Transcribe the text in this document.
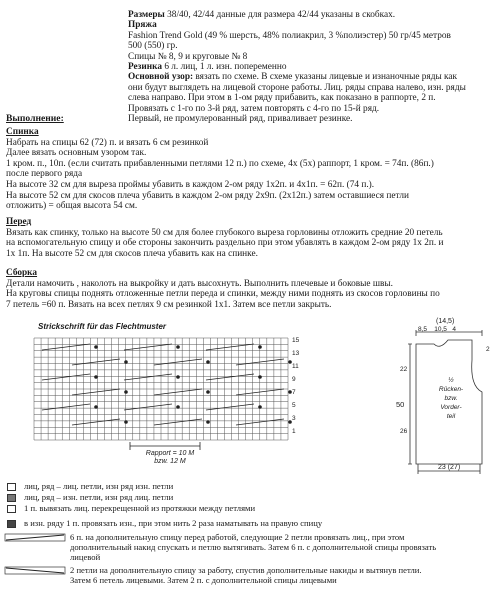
Размеры 38/40, 42/44 данные для размера 42/44 указаны в скобках.
Пряжа
Fashion Trend Gold (49 % шерсть, 48% полиакрил, 3 %полиэстер) 50 гр/45 метров
500 (550) гр.
Спицы № 8, 9 и круговые № 8
Резинка 6 л. лиц, 1 л. изн. попеременно
Основной узор: вязать по схеме. В схеме указаны лицевые и изнаночные ряды как
они будут выглядеть на лицевой стороне работы. Лиц. ряды справа налево, изн. ряды
слева направо. При этом в 1-ом ряду прибавить, как показано в раппорте, 2 п.
Провязать с 1-го по 3-й ряд, затем повторять с 4-го по 15-й ряд.
Первый, не промулерованный ряд, приваливает резинке.
Выполнение:
Спинка
Набрать на спицы 62 (72) п. и вязать 6 см резинкой
Далее вязать основным узором так.
1 кром. п., 10п. (если считать прибавленными петлями 12 п.) по схеме, 4х (5х) раппорт, 1 кром. = 74п. (86п.)
после первого ряда
На высоте 32 см для выреза проймы убавить в каждом 2-ом ряду 1х2п. и 4х1п. = 62п. (74 п.).
На высоте 52 см для скосов плеча убавить в каждом 2-ом ряду 2х9п. (2х12п.) затем оставшиеся петли
отложить) = общая высота 54 см.
Перед
Вязать как спинку, только на высоте 50 см для более глубокого выреза горловины отложить средние 20 петель
на вспомогательную спицу и обе стороны закончить раздельно при этом убавлять в каждом 2-ом ряду 1х 2п. и
1х 1п. На высоте 52 см для скосов плеча убавить как на спинке.
Сборка
Детали намочить , наколоть на выкройку и дать высохнуть. Выполнить плечевые и боковые швы.
На круговы спицы поднять отложенные петли переда и спинки, между ними поднять из скосов горловины по
7 петель =60 п. Вязать на всех петлях 9 см резинкой 1х1. Затем все петли закрыть.
Strickschrift für das Flechtmuster
15
13
11
9
7
5
3
1
Rapport = 10 M
bzw. 12 M
(14,5)
8,5    10,5   4
50
22
26
2
½
Rücken-
bzw.
Vorder-
teil
23 (27)
лиц, ряд – лиц. петли, изн ряд изн. петли
лиц, ряд – изн. петли, изн ряд лиц. петли
1 п. вывязать лиц. перекрещенной из протяжки между петлями
в изн. ряду 1 п. провязать изн., при этом нить 2 раза наматывать на правую спицу
6 п. на дополнительную спицу перед работой, следующие 2 петли провязать лиц., при этом
дополнительный накид спускать и петлю вытягивать. Затем 6 п. с дополнительной спицы провязать
лицевой
2 петли на дополнительную спицу за работу, спустив дополнительные накиды и вытянув петли.
Затем 6 петель лицевыми. Затем 2 п. с дополнительной спицы лицевыми
